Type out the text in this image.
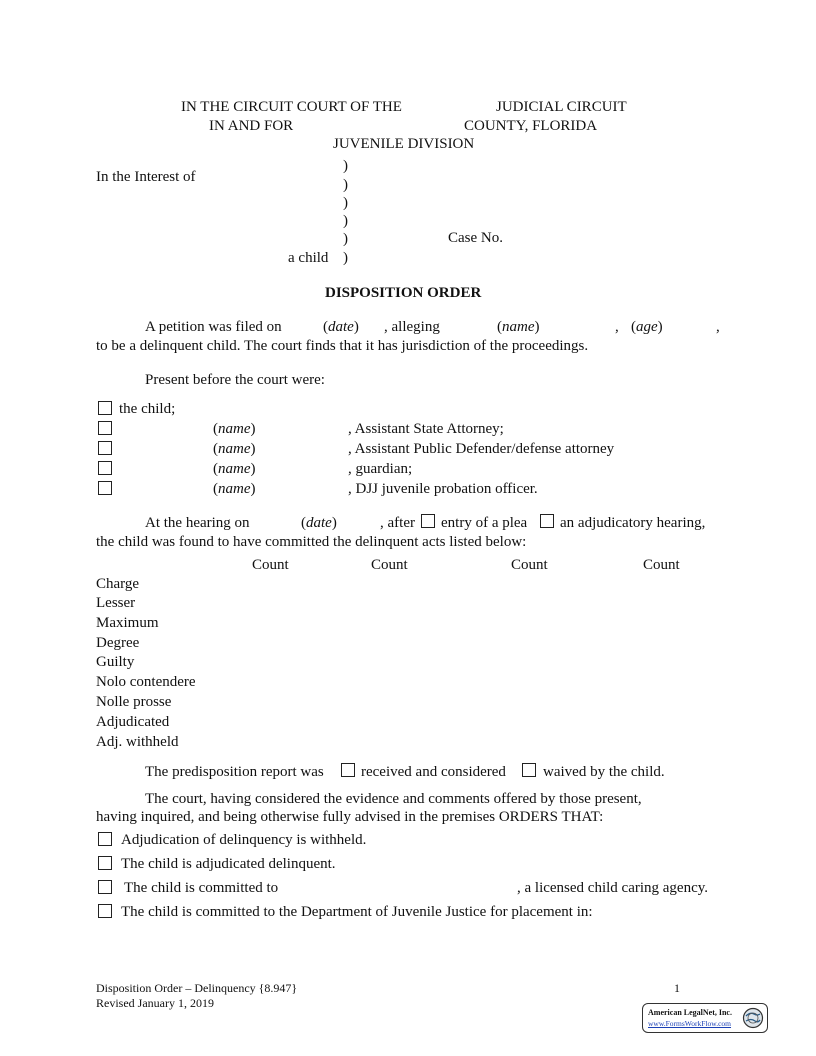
IN THE CIRCUIT COURT OF THE	JUDICIAL CIRCUIT
IN AND FOR	COUNTY, FLORIDA
JUVENILE DIVISION
In the Interest of
)
)
)
)
)
a child )
Case No.
DISPOSITION ORDER
A petition was filed on	(date) , alleging	(name)	, (age)	,
to be a delinquent child. The court finds that it has jurisdiction of the proceedings.
Present before the court were:
the child;
(name)	, Assistant State Attorney;
(name)	, Assistant Public Defender/defense attorney
(name)	, guardian;
(name)	, DJJ juvenile probation officer.
At the hearing on	(date)	, after entry of a plea an adjudicatory hearing,
the child was found to have committed the delinquent acts listed below:
Count	Count	Count	Count
Charge
Lesser
Maximum
Degree
Guilty
Nolo contendere
Nolle prosse
Adjudicated
Adj. withheld
The predisposition report was received and considered waived by the child.
The court, having considered the evidence and comments offered by those present,
having inquired, and being otherwise fully advised in the premises ORDERS THAT:
Adjudication of delinquency is withheld.
The child is adjudicated delinquent.
The child is committed to	, a licensed child caring agency.
The child is committed to the Department of Juvenile Justice for placement in:
Disposition Order – Delinquency {8.947}
Revised January 1, 2019
1
American LegalNet, Inc.
www.FormsWorkFlow.com
